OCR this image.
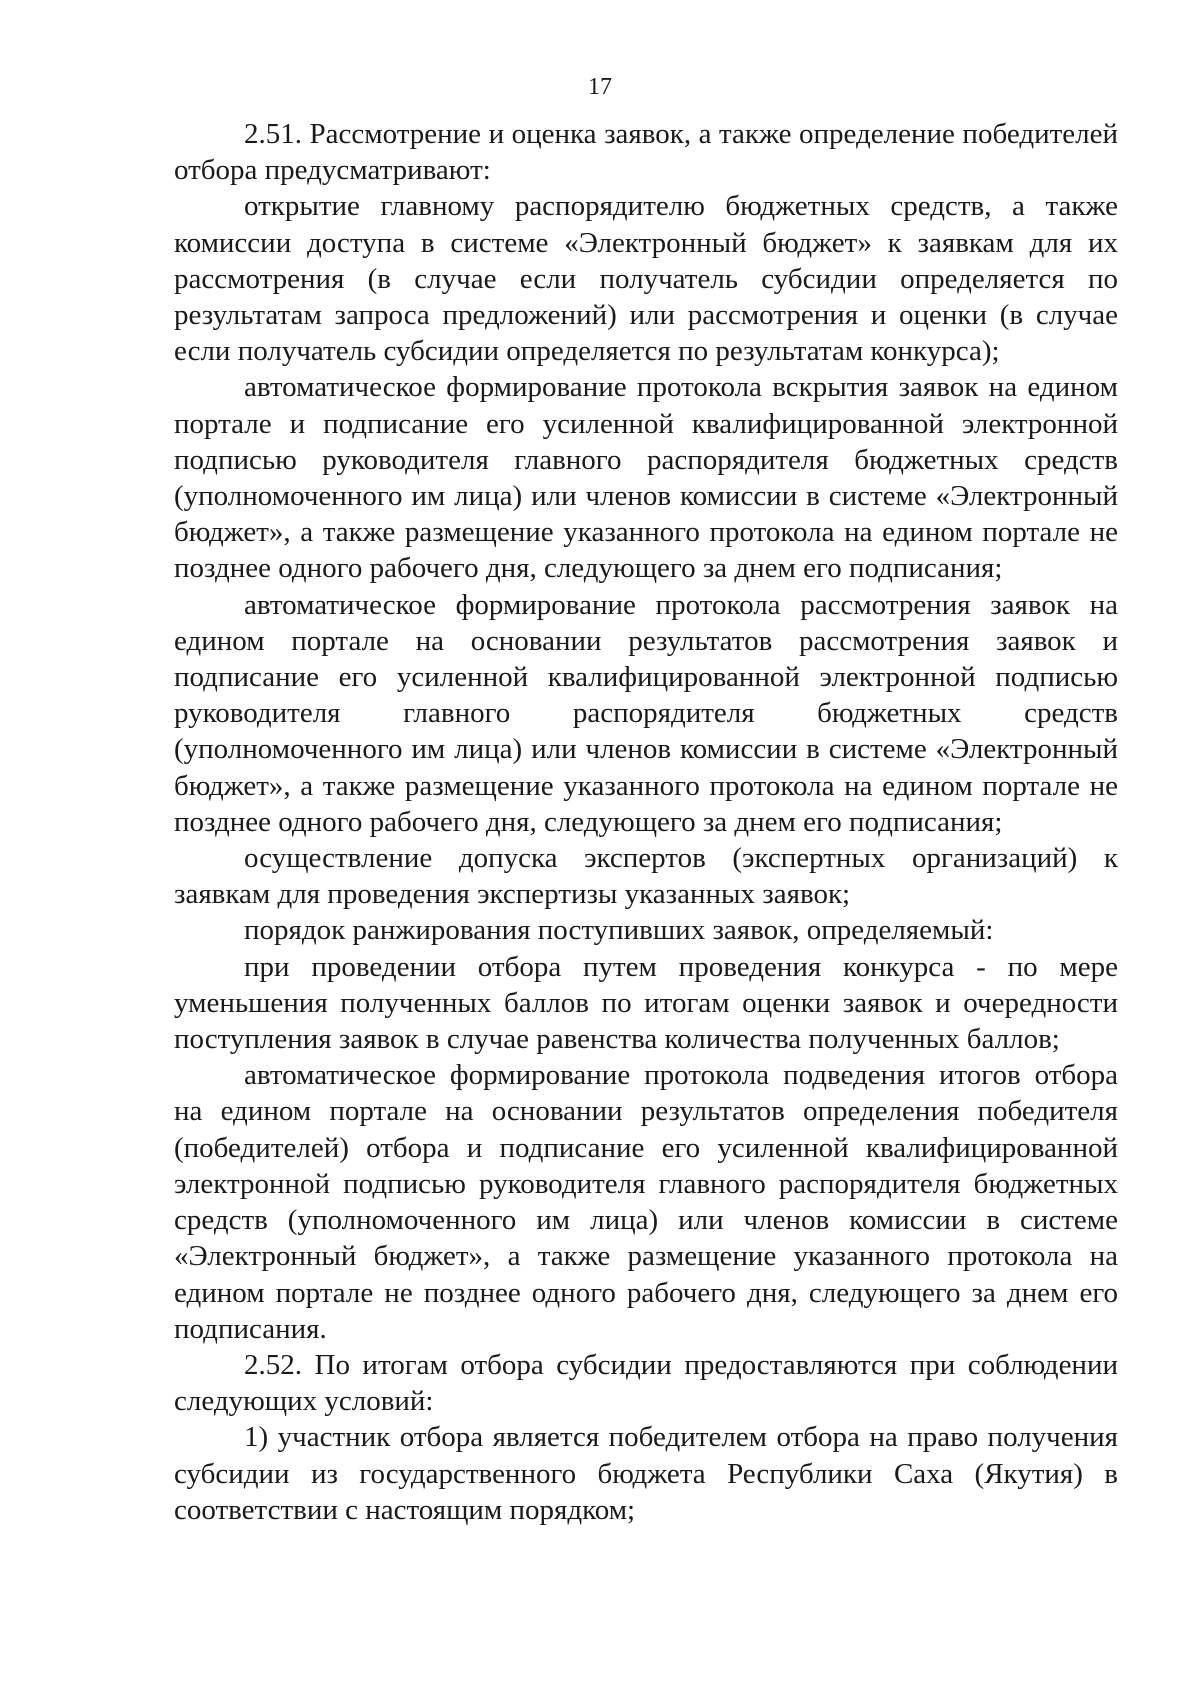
17

2.51. Рассмотрение и оценка заявок, а также определение победителей отбора предусматривают:

открытие главному распорядителю бюджетных средств, а также комиссии доступа в системе «Электронный бюджет» к заявкам для их рассмотрения (в случае если получатель субсидии определяется по результатам запроса предложений) или рассмотрения и оценки (в случае если получатель субсидии определяется по результатам конкурса);

автоматическое формирование протокола вскрытия заявок на едином портале и подписание его усиленной квалифицированной электронной подписью руководителя главного распорядителя бюджетных средств (уполномоченного им лица) или членов комиссии в системе «Электронный бюджет», а также размещение указанного протокола на едином портале не позднее одного рабочего дня, следующего за днем его подписания;

автоматическое формирование протокола рассмотрения заявок на едином портале на основании результатов рассмотрения заявок и подписание его усиленной квалифицированной электронной подписью руководителя главного распорядителя бюджетных средств (уполномоченного им лица) или членов комиссии в системе «Электронный бюджет», а также размещение указанного протокола на едином портале не позднее одного рабочего дня, следующего за днем его подписания;

осуществление допуска экспертов (экспертных организаций) к заявкам для проведения экспертизы указанных заявок;

порядок ранжирования поступивших заявок, определяемый:

при проведении отбора путем проведения конкурса - по мере уменьшения полученных баллов по итогам оценки заявок и очередности поступления заявок в случае равенства количества полученных баллов;

автоматическое формирование протокола подведения итогов отбора на едином портале на основании результатов определения победителя (победителей) отбора и подписание его усиленной квалифицированной электронной подписью руководителя главного распорядителя бюджетных средств (уполномоченного им лица) или членов комиссии в системе «Электронный бюджет», а также размещение указанного протокола на едином портале не позднее одного рабочего дня, следующего за днем его подписания.

2.52. По итогам отбора субсидии предоставляются при соблюдении следующих условий:

1) участник отбора является победителем отбора на право получения субсидии из государственного бюджета Республики Саха (Якутия) в соответствии с настоящим порядком;
